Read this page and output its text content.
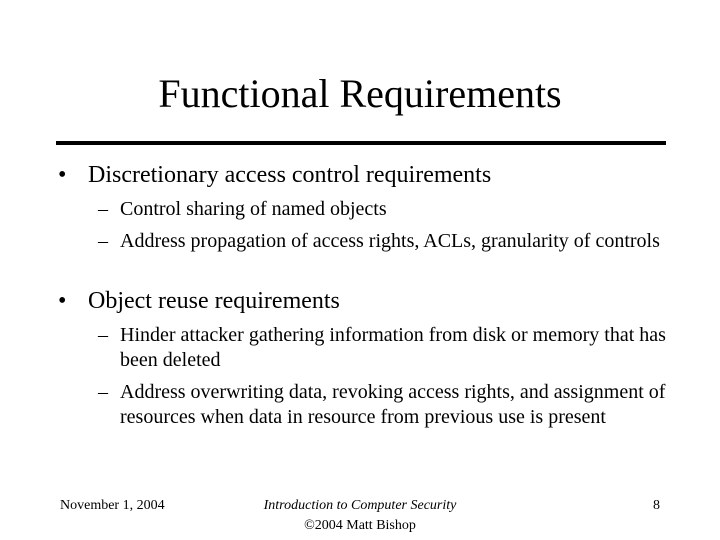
Functional Requirements
• Discretionary access control requirements
– Control sharing of named objects
– Address propagation of access rights, ACLs, granularity of controls
• Object reuse requirements
– Hinder attacker gathering information from disk or memory that has been deleted
– Address overwriting data, revoking access rights, and assignment of resources when data in resource from previous use is present
November 1, 2004	Introduction to Computer Security
©2004 Matt Bishop
8
